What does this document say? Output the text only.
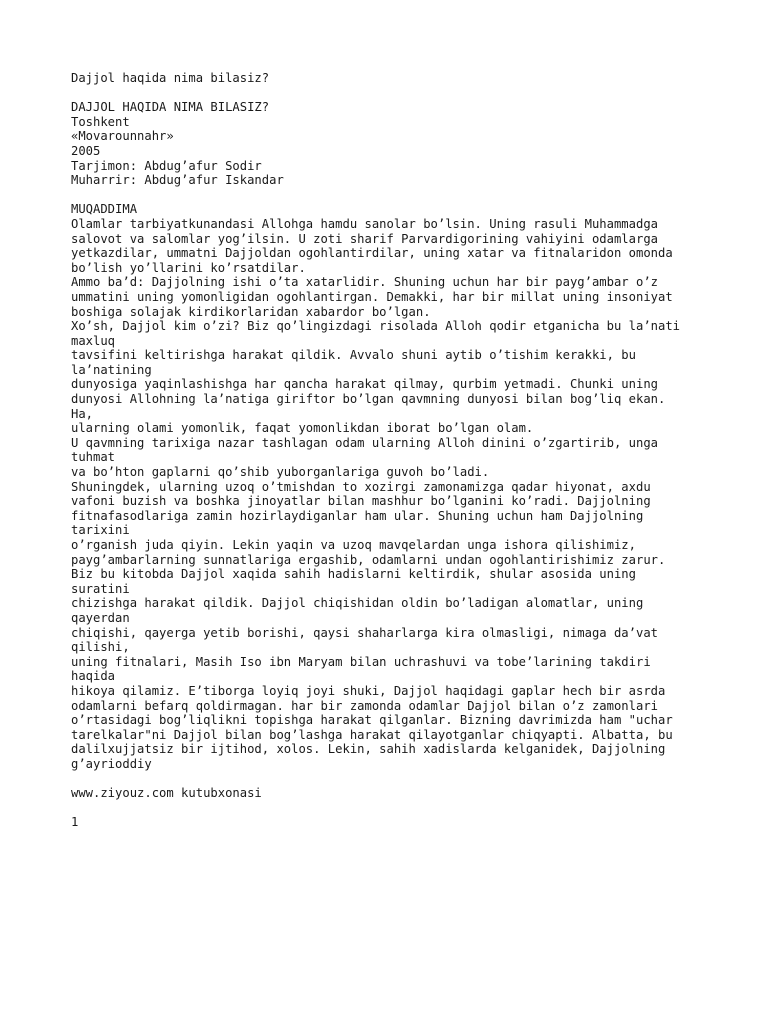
Dajjol haqida nima bilasiz?
DAJJOL HAQIDA NIMA BILASIZ?
Toshkent
«Movarounnahr»
2005
Tarjimon: Abdug’afur Sodir
Muharrir: Abdug’afur Iskandar
MUQADDIMA
Olamlar tarbiyatkunandasi Allohga hamdu sanolar bo’lsin. Uning rasuli Muhammadga
salovot va salomlar yog’ilsin. U zoti sharif Parvardigorining vahiyini odamlarga
yetkazdilar, ummatni Dajjoldan ogohlantirdilar, uning xatar va fitnalaridon omonda
bo’lish yo’llarini ko’rsatdilar.
Ammo ba’d: Dajjolning ishi o’ta xatarlidir. Shuning uchun har bir payg’ambar o’z
ummatini uning yomonligidan ogohlantirgan. Demakki, har bir millat uning insoniyat
boshiga solajak kirdikorlaridan xabardor bo’lgan.
Xo’sh, Dajjol kim o’zi? Biz qo’lingizdagi risolada Alloh qodir etganicha bu la’nati
maxluq
tavsifini keltirishga harakat qildik. Avvalo shuni aytib o’tishim kerakki, bu
la’natining
dunyosiga yaqinlashishga har qancha harakat qilmay, qurbim yetmadi. Chunki uning
dunyosi Allohning la’natiga giriftor bo’lgan qavmning dunyosi bilan bog’liq ekan.
Ha,
ularning olami yomonlik, faqat yomonlikdan iborat bo’lgan olam.
U qavmning tarixiga nazar tashlagan odam ularning Alloh dinini o’zgartirib, unga
tuhmat
va bo’hton gaplarni qo’shib yuborganlariga guvoh bo’ladi.
Shuningdek, ularning uzoq o’tmishdan to xozirgi zamonamizga qadar hiyonat, axdu
vafoni buzish va boshka jinoyatlar bilan mashhur bo’lganini ko’radi. Dajjolning
fitnafasodlariga zamin hozirlaydiganlar ham ular. Shuning uchun ham Dajjolning
tarixini
o’rganish juda qiyin. Lekin yaqin va uzoq mavqelardan unga ishora qilishimiz,
payg’ambarlarning sunnatlariga ergashib, odamlarni undan ogohlantirishimiz zarur.
Biz bu kitobda Dajjol xaqida sahih hadislarni keltirdik, shular asosida uning
suratini
chizishga harakat qildik. Dajjol chiqishidan oldin bo’ladigan alomatlar, uning
qayerdan
chiqishi, qayerga yetib borishi, qaysi shaharlarga kira olmasligi, nimaga da’vat
qilishi,
uning fitnalari, Masih Iso ibn Maryam bilan uchrashuvi va tobe’larining takdiri
haqida
hikoya qilamiz. E’tiborga loyiq joyi shuki, Dajjol haqidagi gaplar hech bir asrda
odamlarni befarq qoldirmagan. har bir zamonda odamlar Dajjol bilan o’z zamonlari
o’rtasidagi bog’liqlikni topishga harakat qilganlar. Bizning davrimizda ham "uchar
tarelkalar"ni Dajjol bilan bog’lashga harakat qilayotganlar chiqyapti. Albatta, bu
dalilxujjatsiz bir ijtihod, xolos. Lekin, sahih xadislarda kelganidek, Dajjolning
g’ayrioddiy
www.ziyouz.com kutubxonasi
1
